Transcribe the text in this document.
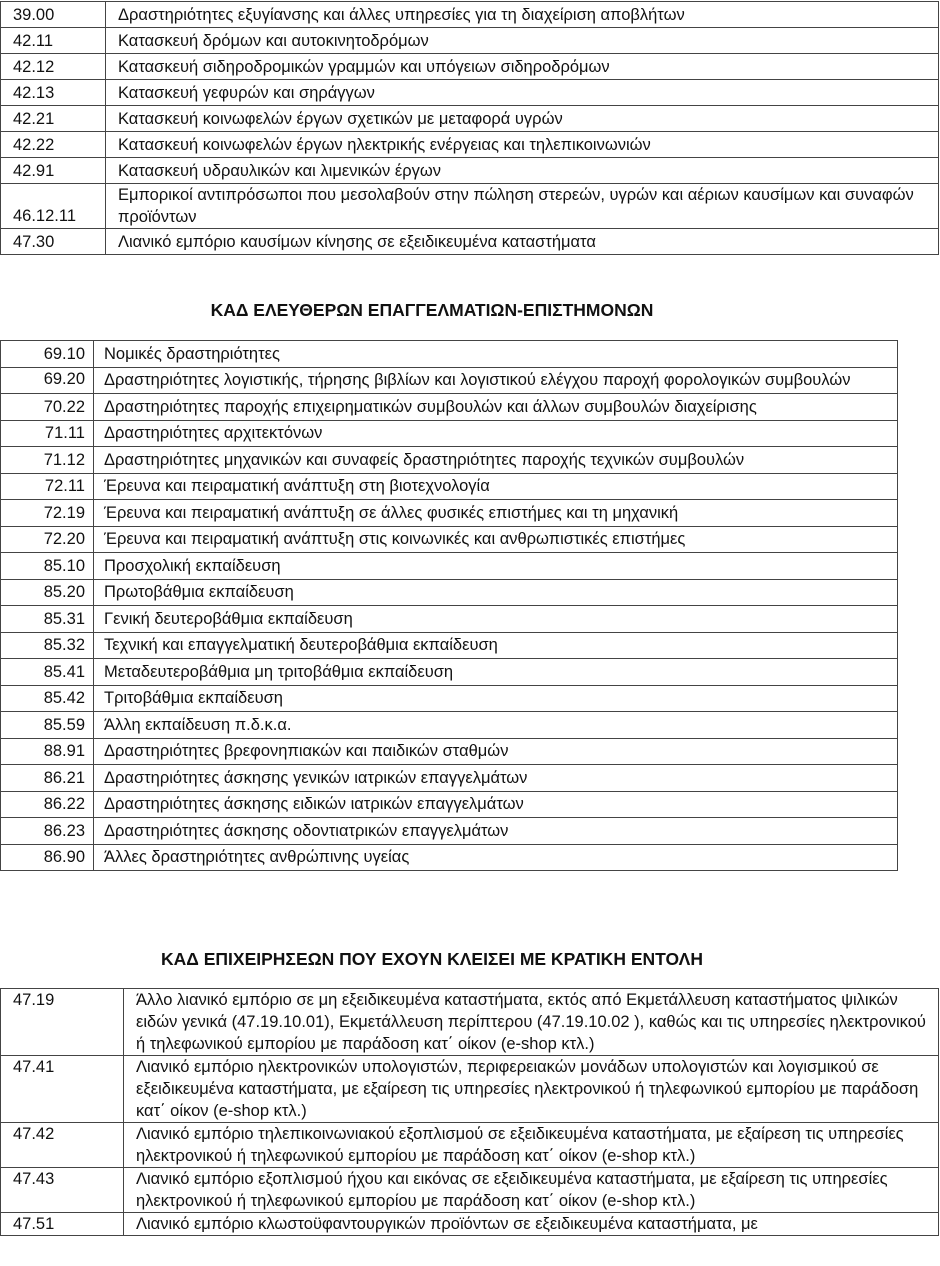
39.00	Δραστηριότητες εξυγίανσης και άλλες υπηρεσίες για τη διαχείριση αποβλήτων
42.11	Κατασκευή δρόμων και αυτοκινητοδρόμων
42.12	Κατασκευή σιδηροδρομικών γραμμών και υπόγειων σιδηροδρόμων
42.13	Κατασκευή γεφυρών και σηράγγων
42.21	Κατασκευή κοινωφελών έργων σχετικών με μεταφορά υγρών
42.22	Κατασκευή κοινωφελών έργων ηλεκτρικής ενέργειας και τηλεπικοινωνιών
42.91	Κατασκευή υδραυλικών και λιμενικών έργων
46.12.11	Εμπορικοί αντιπρόσωποι που μεσολαβούν στην πώληση στερεών, υγρών και αέριων καυσίμων και συναφών προϊόντων
47.30	Λιανικό εμπόριο καυσίμων κίνησης σε εξειδικευμένα καταστήματα
ΚΑΔ ΕΛΕΥΘΕΡΩΝ ΕΠΑΓΓΕΛΜΑΤΙΩΝ-ΕΠΙΣΤΗΜΟΝΩΝ
69.10	Νομικές δραστηριότητες
69.20	Δραστηριότητες λογιστικής, τήρησης βιβλίων και λογιστικού ελέγχου παροχή φορολογικών συμβουλών
70.22	Δραστηριότητες παροχής επιχειρηματικών συμβουλών και άλλων συμβουλών διαχείρισης
71.11	Δραστηριότητες αρχιτεκτόνων
71.12	Δραστηριότητες μηχανικών και συναφείς δραστηριότητες παροχής τεχνικών συμβουλών
72.11	Έρευνα και πειραματική ανάπτυξη στη βιοτεχνολογία
72.19	Έρευνα και πειραματική ανάπτυξη σε άλλες φυσικές επιστήμες και τη μηχανική
72.20	Έρευνα και πειραματική ανάπτυξη στις κοινωνικές και ανθρωπιστικές επιστήμες
85.10	Προσχολική εκπαίδευση
85.20	Πρωτοβάθμια εκπαίδευση
85.31	Γενική δευτεροβάθμια εκπαίδευση
85.32	Τεχνική και επαγγελματική δευτεροβάθμια εκπαίδευση
85.41	Μεταδευτεροβάθμια μη τριτοβάθμια εκπαίδευση
85.42	Τριτοβάθμια εκπαίδευση
85.59	Άλλη εκπαίδευση π.δ.κ.α.
88.91	Δραστηριότητες βρεφονηπιακών και παιδικών σταθμών
86.21	Δραστηριότητες άσκησης γενικών ιατρικών επαγγελμάτων
86.22	Δραστηριότητες άσκησης ειδικών ιατρικών επαγγελμάτων
86.23	Δραστηριότητες άσκησης οδοντιατρικών επαγγελμάτων
86.90	Άλλες δραστηριότητες ανθρώπινης υγείας
ΚΑΔ ΕΠΙΧΕΙΡΗΣΕΩΝ ΠΟΥ ΕΧΟΥΝ ΚΛΕΙΣΕΙ ΜΕ ΚΡΑΤΙΚΗ ΕΝΤΟΛΗ
47.19	Άλλο λιανικό εμπόριο σε μη εξειδικευμένα καταστήματα, εκτός από Εκμετάλλευση καταστήματος ψιλικών ειδών γενικά (47.19.10.01), Εκμετάλλευση περίπτερου (47.19.10.02 ), καθώς και τις υπηρεσίες ηλεκτρονικού ή τηλεφωνικού εμπορίου με παράδοση κατ΄ οίκον (e-shop κτλ.)
47.41	Λιανικό εμπόριο ηλεκτρονικών υπολογιστών, περιφερειακών μονάδων υπολογιστών και λογισμικού σε εξειδικευμένα καταστήματα, με εξαίρεση τις υπηρεσίες ηλεκτρονικού ή τηλεφωνικού εμπορίου με παράδοση κατ΄ οίκον (e-shop κτλ.)
47.42	Λιανικό εμπόριο τηλεπικοινωνιακού εξοπλισμού σε εξειδικευμένα καταστήματα, με εξαίρεση τις υπηρεσίες ηλεκτρονικού ή τηλεφωνικού εμπορίου με παράδοση κατ΄ οίκον (e-shop κτλ.)
47.43	Λιανικό εμπόριο εξοπλισμού ήχου και εικόνας σε εξειδικευμένα καταστήματα, με εξαίρεση τις υπηρεσίες ηλεκτρονικού ή τηλεφωνικού εμπορίου με παράδοση κατ΄ οίκον (e-shop κτλ.)
47.51	Λιανικό εμπόριο κλωστοϋφαντουργικών προϊόντων σε εξειδικευμένα καταστήματα, με
